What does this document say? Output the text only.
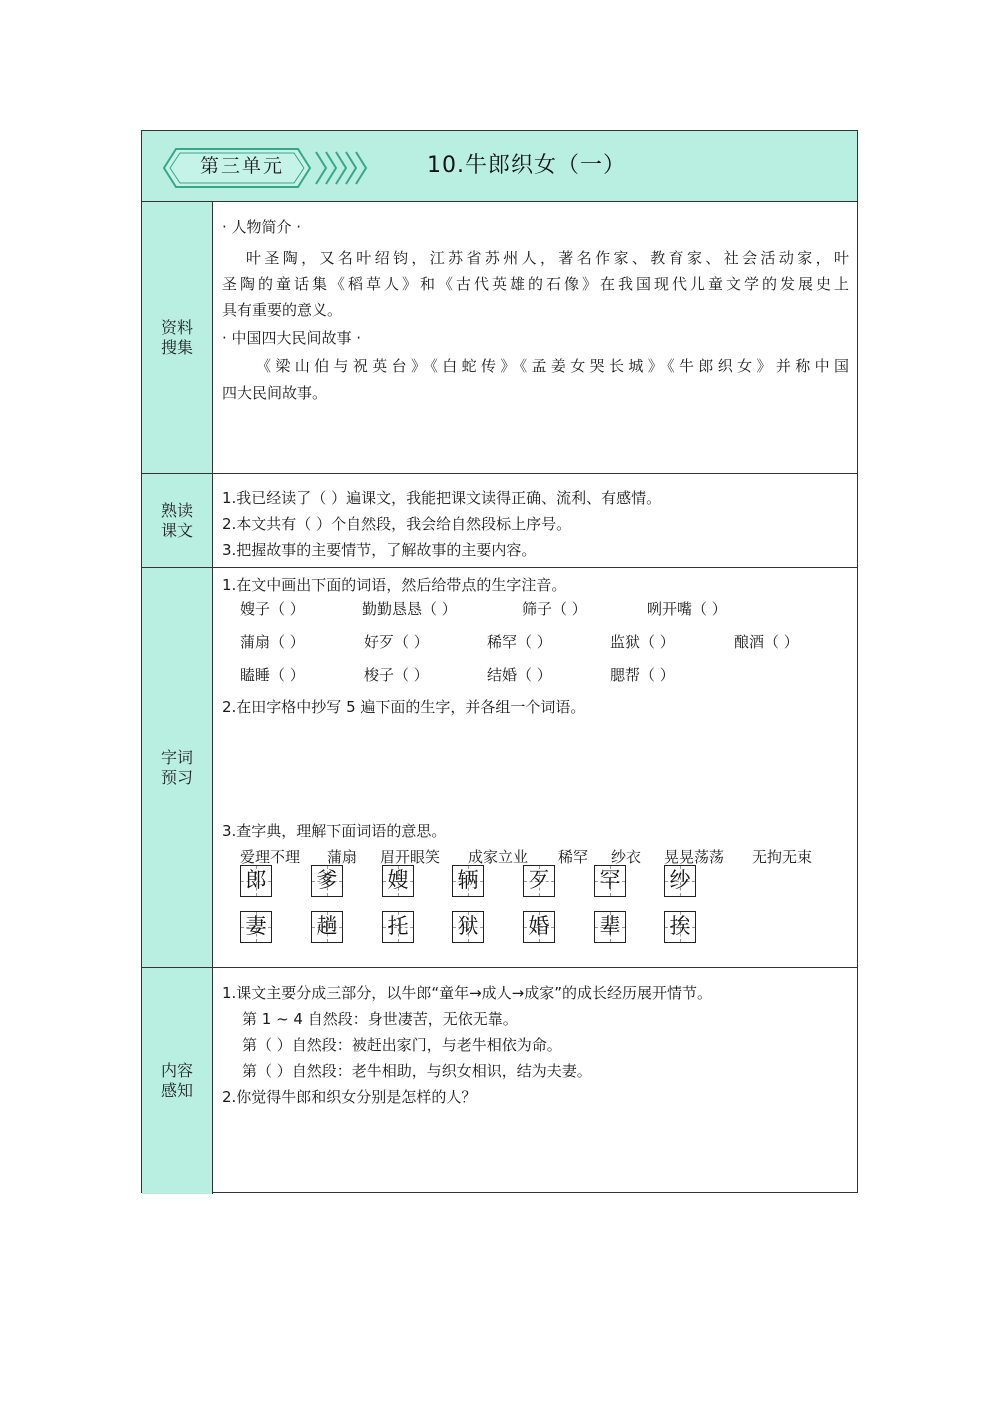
第三单元	10.牛郎织女（一）
资料
搜集
· 人物简介 ·
叶圣陶，又名叶绍钧，江苏省苏州人，著名作家、教育家、社会活动家，叶
圣陶的童话集《稻草人》和《古代英雄的石像》在我国现代儿童文学的发展史上
具有重要的意义。
· 中国四大民间故事 ·
《梁山伯与祝英台》《白蛇传》《孟姜女哭长城》《牛郎织女》并称中国
四大民间故事。
熟读
课文
1.我已经读了（ ）遍课文，我能把课文读得正确、流利、有感情。
2.本文共有（ ）个自然段，我会给自然段标上序号。
3.把握故事的主要情节，了解故事的主要内容。
字词
预习
1.在文中画出下面的词语，然后给带点的生字注音。
嫂子（ ）	勤勤恳恳（ ）	筛子（ ）	咧开嘴（ ）
蒲扇（ ）	好歹（ ）	稀罕（ ）	监狱（ ）	酿酒（ ）
瞌睡（ ）	梭子（ ）	结婚（ ）	腮帮（ ）
2.在田字格中抄写 5 遍下面的生字，并各组一个词语。
郎 爹 嫂 辆 歹 罕 纱
妻 趟 托 狱 婚 辈 挨
3.查字典，理解下面词语的意思。
爱理不理 蒲扇 眉开眼笑 成家立业 稀罕 纱衣 晃晃荡荡 无拘无束
内容
感知
1.课文主要分成三部分，以牛郎“童年→成人→成家”的成长经历展开情节。
第 1 ~ 4 自然段：身世凄苦，无依无靠。
第（ ）自然段：被赶出家门，与老牛相依为命。
第（ ）自然段：老牛相助，与织女相识，结为夫妻。
2.你觉得牛郎和织女分别是怎样的人？
